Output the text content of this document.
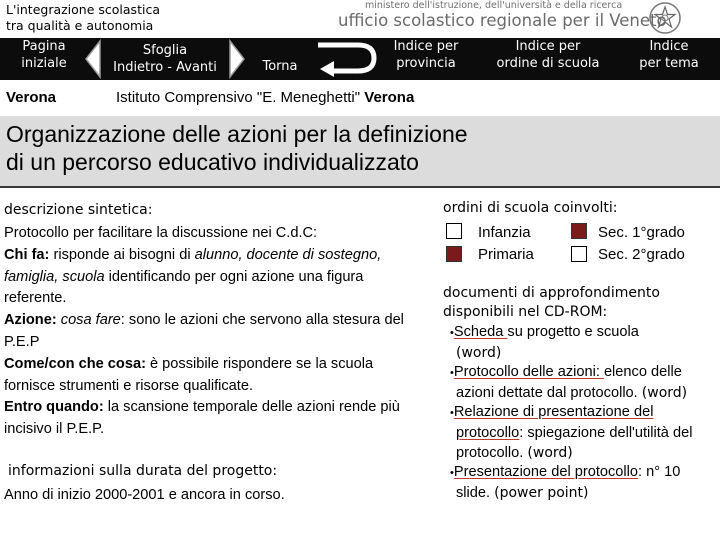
L'integrazione scolastica
tra qualità e autonomia
ministero dell'istruzione, dell'università e della ricerca
ufficio scolastico regionale per il Veneto
Pagina
iniziale
Sfoglia
Indietro - Avanti	Torna
Indice per
provincia
Indice per
ordine di scuola
Indice
per tema
Verona	Istituto Comprensivo "E. Meneghetti" Verona
Organizzazione delle azioni per la definizione
di un percorso educativo individualizzato
descrizione sintetica:

Protocollo per facilitare la discussione nei C.d.C:

Chi fa: risponde ai bisogni di alunno, docente di sostegno, famiglia, scuola identificando per ogni azione una figura referente.

Azione: cosa fare: sono le azioni che servono alla stesura del P.E.P

Come/con che cosa: è possibile rispondere se la scuola fornisce strumenti e risorse qualificate.

Entro quando: la scansione temporale delle azioni rende più incisivo il P.E.P.

informazioni sulla durata del progetto:
Anno di inizio 2000-2001 e ancora in corso.
ordini di scuola coinvolti:
Infanzia
Primaria
Sec. 1°grado
Sec. 2°grado
documenti di approfondimento
disponibili nel CD-ROM:
•Scheda su progetto e scuola
(word)
•Protocollo delle azioni: elenco delle azioni dettate dal protocollo. (word)
•Relazione di presentazione del protocollo: spiegazione dell'utilità del protocollo. (word)
•Presentazione del protocollo: n° 10 slide. (power point)
